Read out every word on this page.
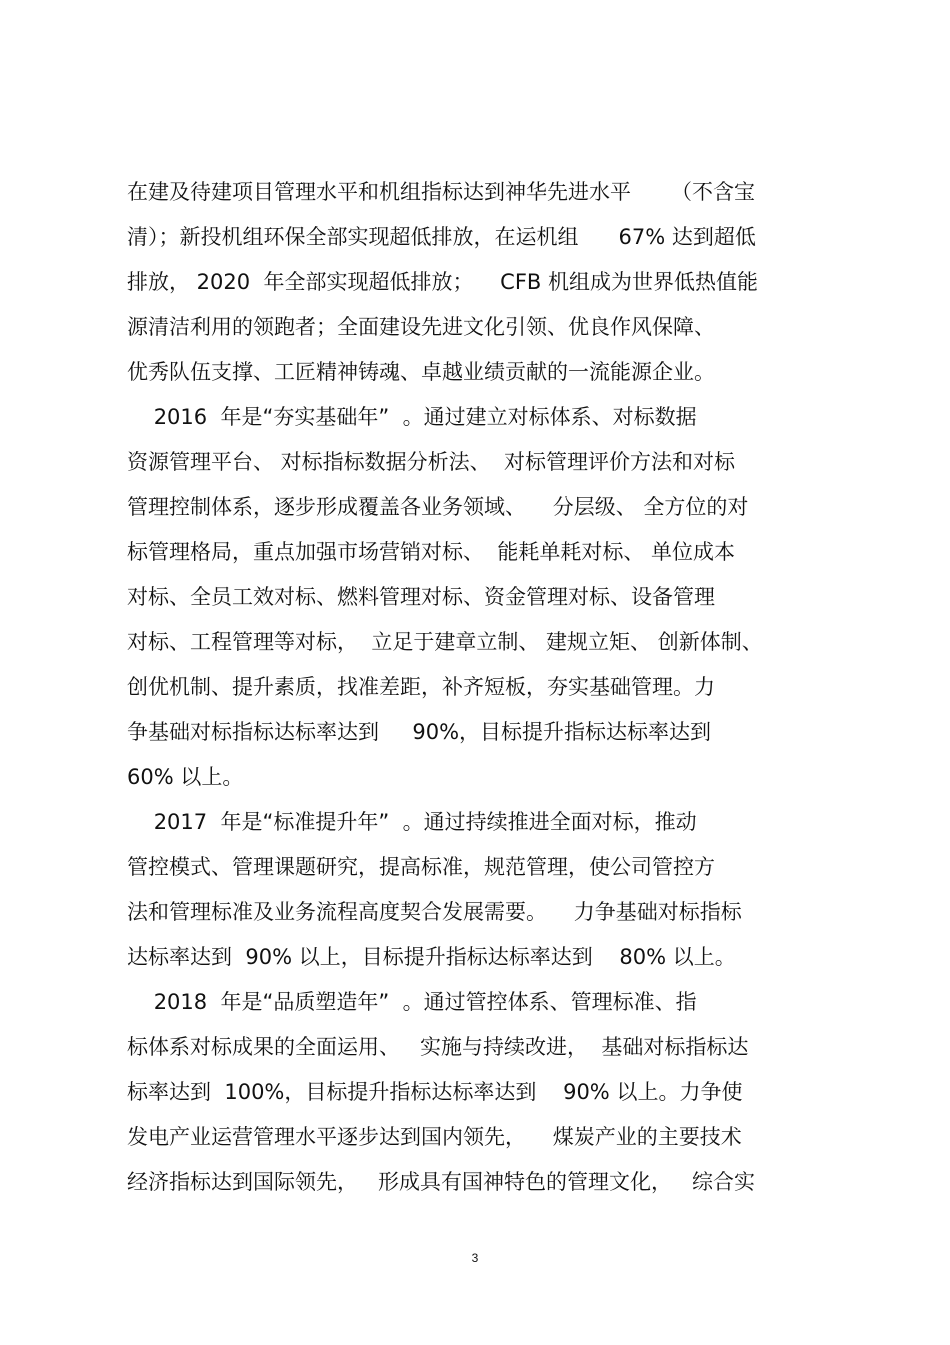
在建及待建项目管理水平和机组指标达到神华先进水平      （不含宝
清）；新投机组环保全部实现超低排放，在运机组      67% 达到超低
排放， 2020  年全部实现超低排放；    CFB 机组成为世界低热值能
源清洁利用的领跑者；全面建设先进文化引领、优良作风保障、
优秀队伍支撑、工匠精神铸魂、卓越业绩贡献的一流能源企业。
2016  年是“夯实基础年”  。通过建立对标体系、对标数据
资源管理平台、 对标指标数据分析法、  对标管理评价方法和对标
管理控制体系，逐步形成覆盖各业务领域、    分层级、 全方位的对
标管理格局，重点加强市场营销对标、  能耗单耗对标、 单位成本
对标、全员工效对标、燃料管理对标、资金管理对标、设备管理
对标、工程管理等对标，  立足于建章立制、 建规立矩、 创新体制、
创优机制、提升素质，找准差距，补齐短板，夯实基础管理。力
争基础对标指标达标率达到     90%，目标提升指标达标率达到
60% 以上。
2017  年是“标准提升年”  。通过持续推进全面对标，推动
管控模式、管理课题研究，提高标准，规范管理，使公司管控方
法和管理标准及业务流程高度契合发展需要。    力争基础对标指标
达标率达到  90% 以上，目标提升指标达标率达到    80% 以上。
2018  年是“品质塑造年”  。通过管控体系、管理标准、指
标体系对标成果的全面运用、   实施与持续改进，  基础对标指标达
标率达到  100%，目标提升指标达标率达到    90% 以上。力争使
发电产业运营管理水平逐步达到国内领先，    煤炭产业的主要技术
经济指标达到国际领先，   形成具有国神特色的管理文化，   综合实
3
